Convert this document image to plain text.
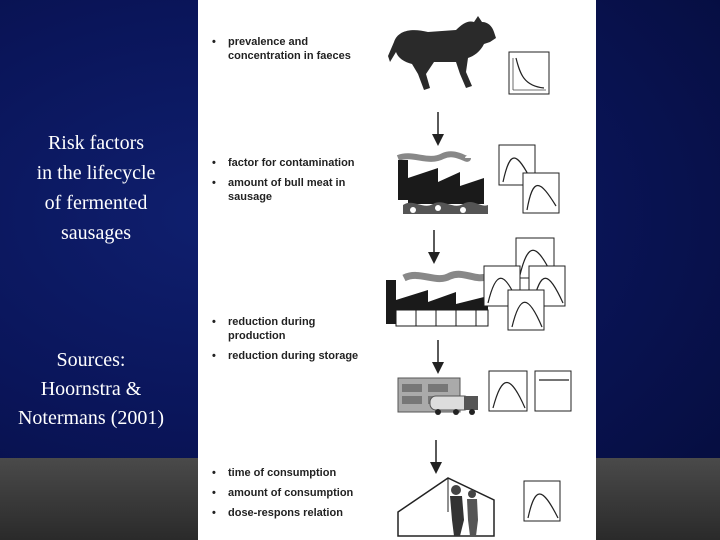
Risk factors
in the lifecycle
of fermented
sausages
Sources:
Hoornstra &
Notermans (2001)
• prevalence and
concentration in faeces
• factor for contamination
• amount of bull meat in
sausage
• reduction during
production
• reduction during storage
• time of consumption
• amount of consumption
• dose-respons relation
